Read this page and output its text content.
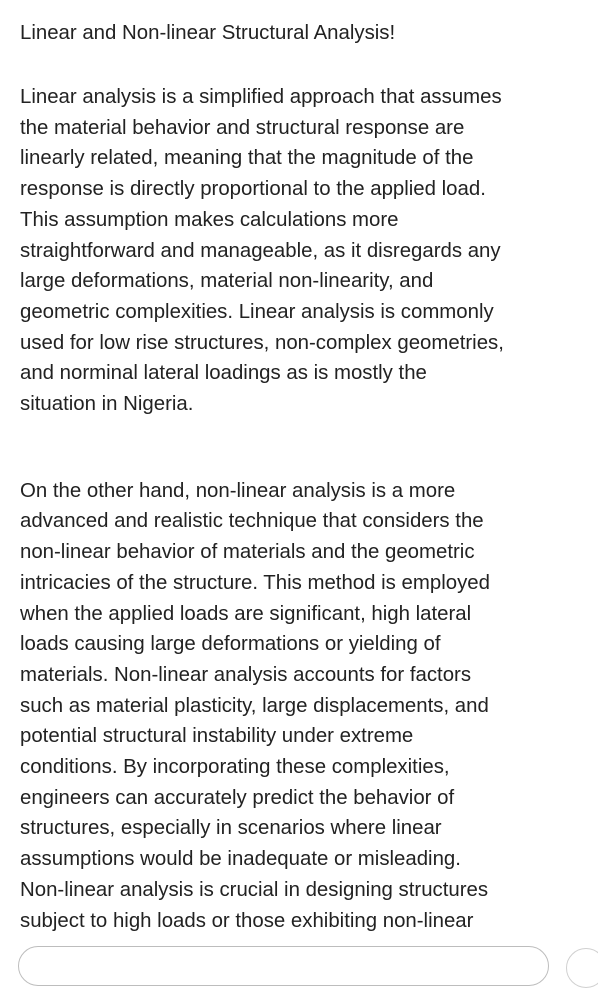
Linear and Non-linear Structural Analysis!
Linear analysis is a simplified approach that assumes
the material behavior and structural response are
linearly related, meaning that the magnitude of the
response is directly proportional to the applied load.
This assumption makes calculations more
straightforward and manageable, as it disregards any
large deformations, material non-linearity, and
geometric complexities. Linear analysis is commonly
used for low rise structures, non-complex geometries,
and norminal lateral loadings as is mostly the
situation in Nigeria.
On the other hand, non-linear analysis is a more
advanced and realistic technique that considers the
non-linear behavior of materials and the geometric
intricacies of the structure. This method is employed
when the applied loads are significant, high lateral
loads causing large deformations or yielding of
materials. Non-linear analysis accounts for factors
such as material plasticity, large displacements, and
potential structural instability under extreme
conditions. By incorporating these complexities,
engineers can accurately predict the behavior of
structures, especially in scenarios where linear
assumptions would be inadequate or misleading.
Non-linear analysis is crucial in designing structures
subject to high loads or those exhibiting non-linear
